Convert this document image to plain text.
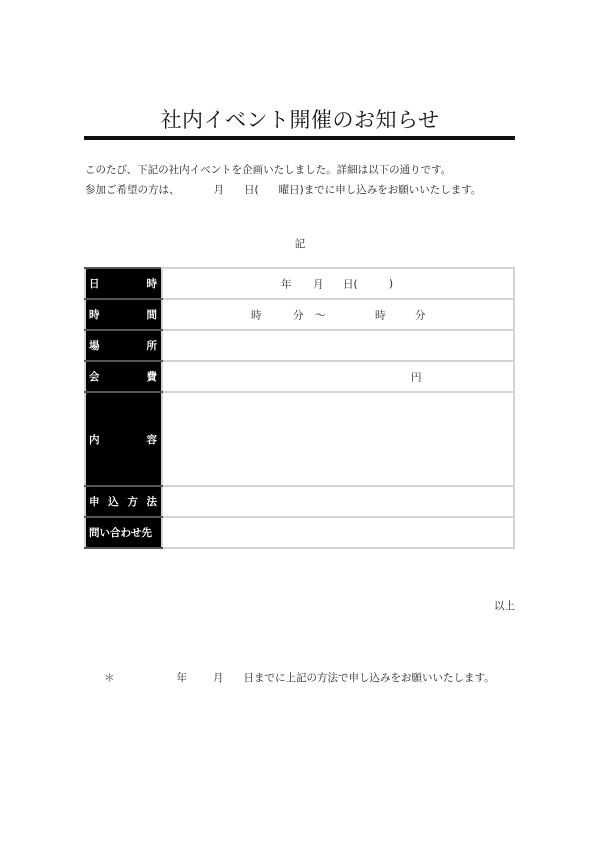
社内イベント開催のお知らせ
このたび、下記の社内イベントを企画いたしました。詳細は以下の通りです。
参加ご希望の方は、	月 日( 曜日)までに申し込みをお願いいたします。
記
日 時	年 月 日( )

時 間	時 分 ～ 時 分

場 所	

会 費	円

内 容	

申 込 方 法	

問い合わせ先	

以上
＊	年 月 日までに上記の方法で申し込みをお願いいたします。
